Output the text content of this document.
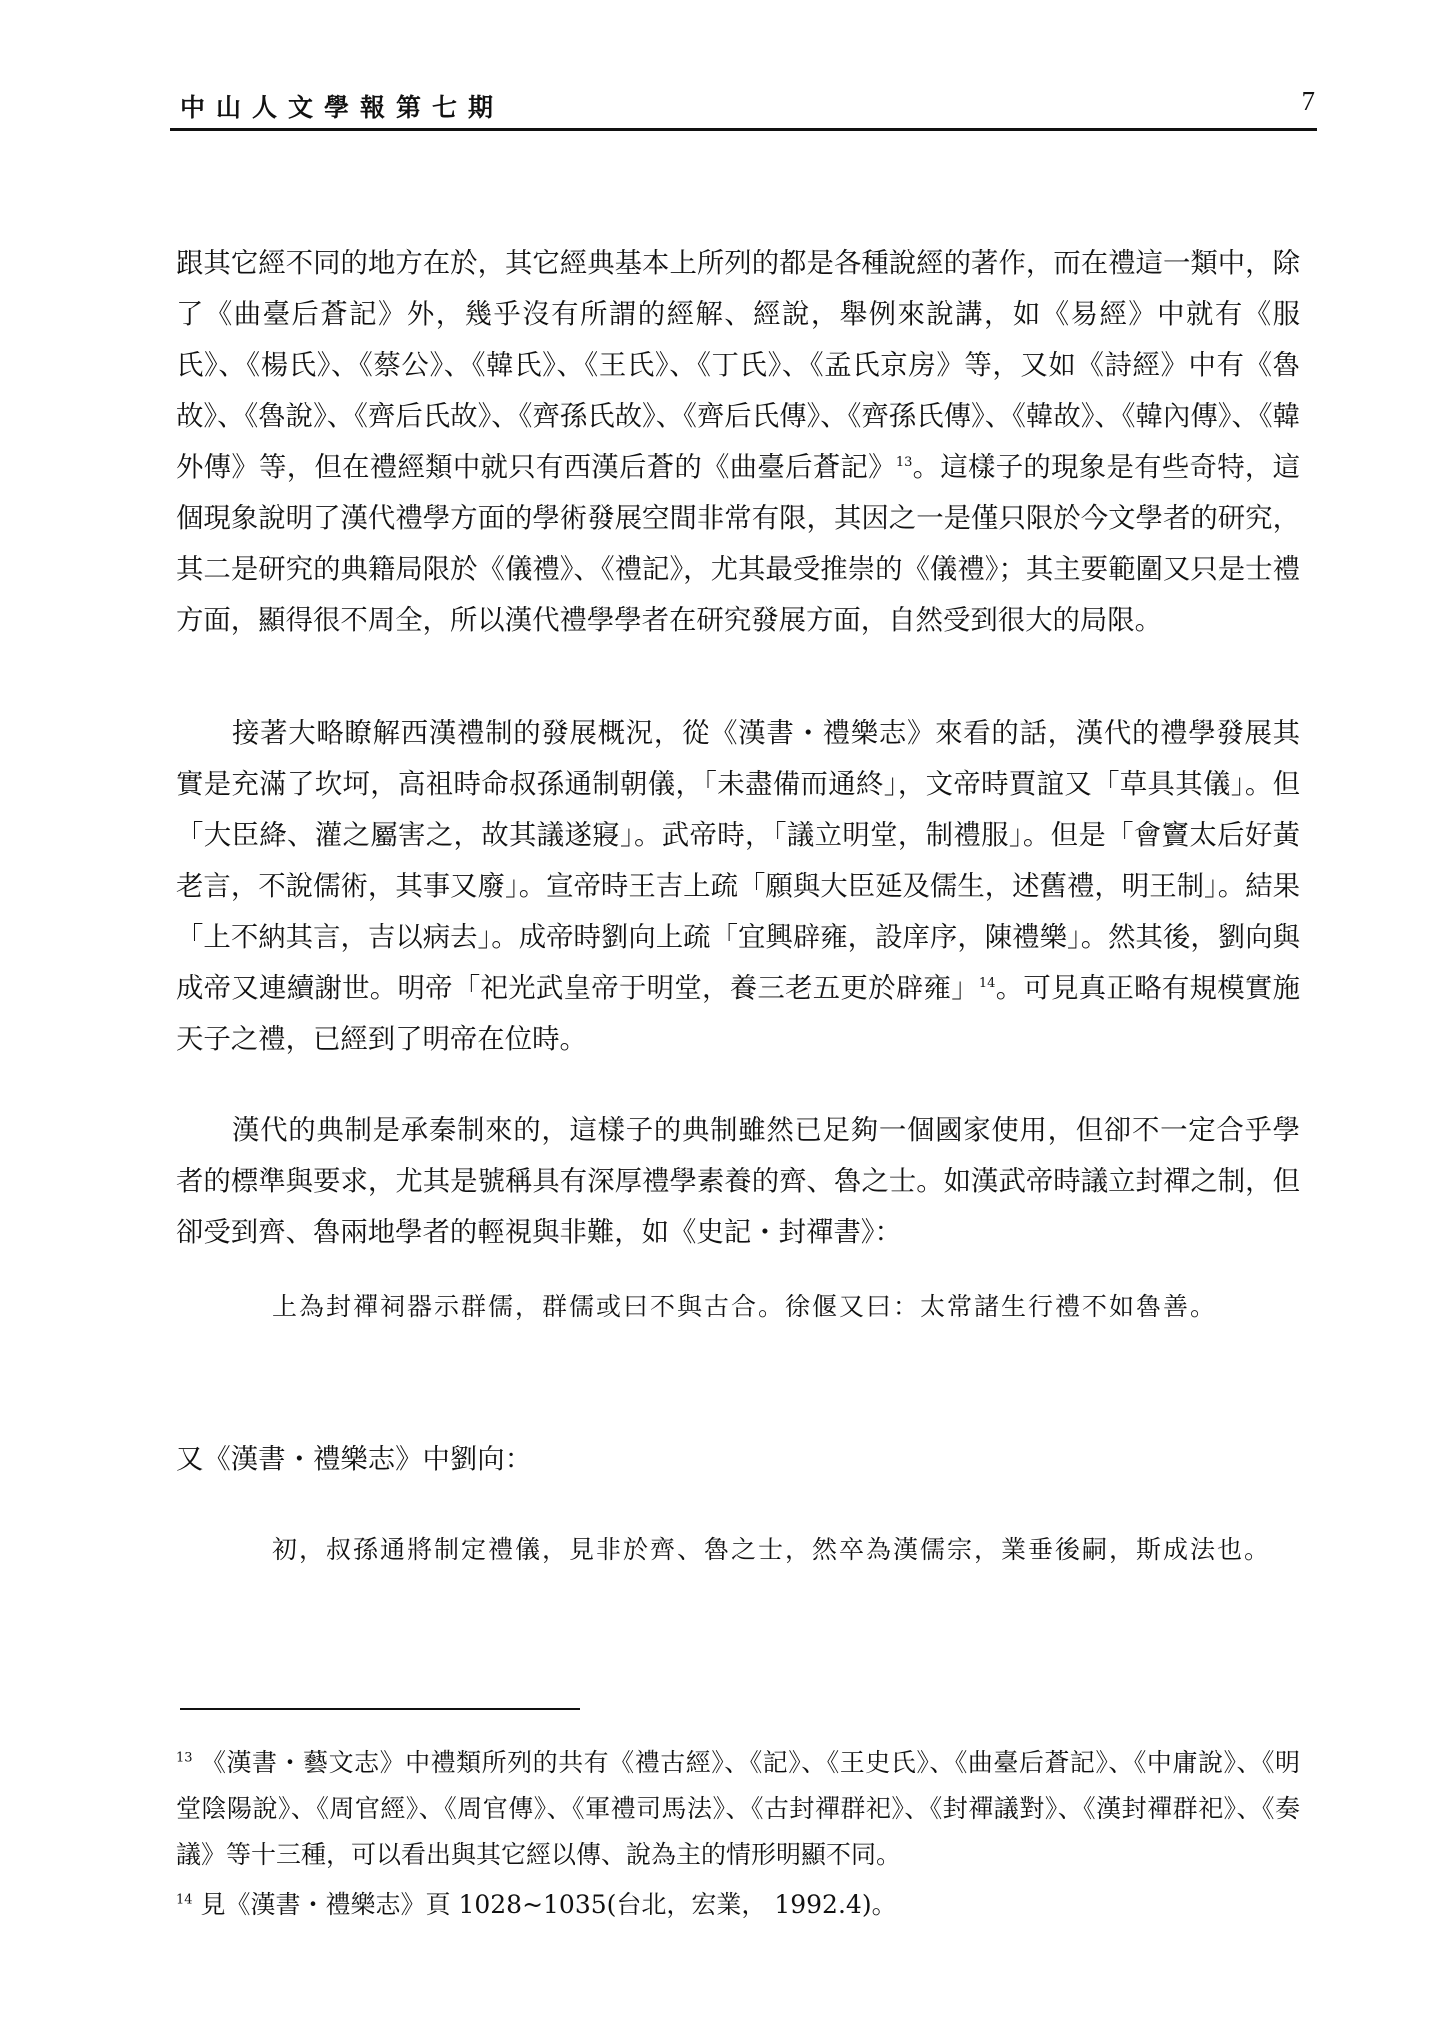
中山人文學報第七期	7

跟其它經不同的地方在於，其它經典基本上所列的都是各種說經的著作，而在禮這一類中，除了《曲臺后蒼記》外，幾乎沒有所謂的經解、經說，舉例來說講，如《易經》中就有《服氏》、《楊氏》、《蔡公》、《韓氏》、《王氏》、《丁氏》、《孟氏京房》等，又如《詩經》中有《魯故》、《魯說》、《齊后氏故》、《齊孫氏故》、《齊后氏傳》、《齊孫氏傳》、《韓故》、《韓內傳》、《韓外傳》等，但在禮經類中就只有西漢后蒼的《曲臺后蒼記》$^{13}$。這樣子的現象是有些奇特，這個現象說明了漢代禮學方面的學術發展空間非常有限，其因之一是僅只限於今文學者的研究，其二是研究的典籍局限於《儀禮》、《禮記》，尤其最受推崇的《儀禮》；其主要範圍又只是士禮方面，顯得很不周全，所以漢代禮學學者在研究發展方面，自然受到很大的局限。

接著大略瞭解西漢禮制的發展概況，從《漢書・禮樂志》來看的話，漢代的禮學發展其實是充滿了坎坷，高祖時命叔孫通制朝儀，「未盡備而通終」，文帝時賈誼又「草具其儀」。但「大臣絳、灌之屬害之，故其議遂寢」。武帝時，「議立明堂，制禮服」。但是「會竇太后好黃老言，不說儒術，其事又廢」。宣帝時王吉上疏「願與大臣延及儒生，述舊禮，明王制」。結果「上不納其言，吉以病去」。成帝時劉向上疏「宜興辟雍，設庠序，陳禮樂」。然其後，劉向與成帝又連續謝世。明帝「祀光武皇帝于明堂，養三老五更於辟雍」$^{14}$。可見真正略有規模實施天子之禮，已經到了明帝在位時。

漢代的典制是承秦制來的，這樣子的典制雖然已足夠一個國家使用，但卻不一定合乎學者的標準與要求，尤其是號稱具有深厚禮學素養的齊、魯之士。如漢武帝時議立封禪之制，但卻受到齊、魯兩地學者的輕視與非難，如《史記・封禪書》：

又《漢書・禮樂志》中劉向：

上為封禪祠器示群儒，群儒或曰不與古合。徐偃又曰：太常諸生行禮不如魯善。

初，叔孫通將制定禮儀，見非於齊、魯之士，然卒為漢儒宗，業垂後嗣，斯成法也。

$^{13}$ 《漢書・藝文志》中禮類所列的共有《禮古經》、《記》、《王史氏》、《曲臺后蒼記》、《中庸說》、《明堂陰陽說》、《周官經》、《周官傳》、《軍禮司馬法》、《古封禪群祀》、《封禪議對》、《漢封禪群祀》、《奏議》等十三種，可以看出與其它經以傳、說為主的情形明顯不同。

$^{14}$ 見《漢書・禮樂志》頁 1028~1035(台北，宏業， 1992.4)。
